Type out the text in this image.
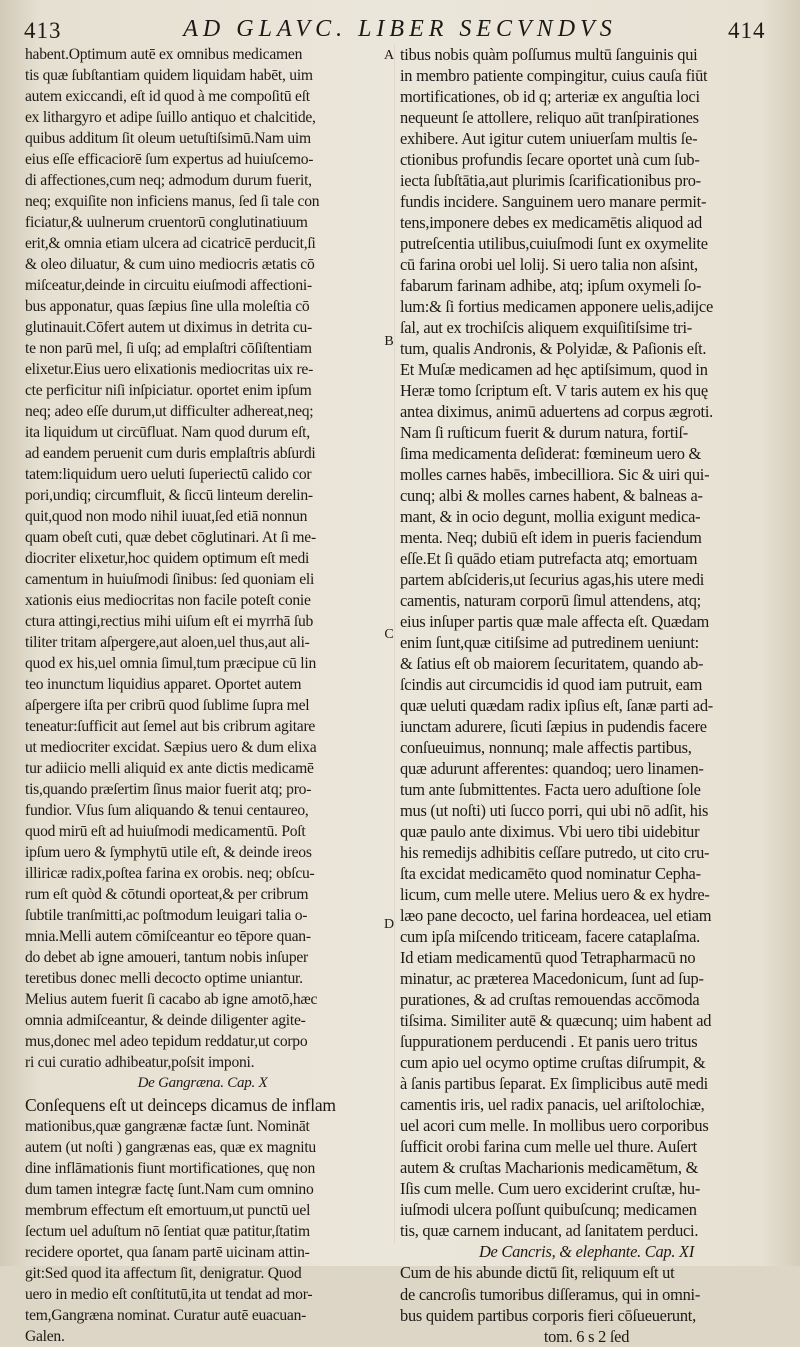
413	AD GLAVC. LIBER SECVNDVS	414
habent.Optimum autē ex omnibus medicamen
tis quæ ſubſtantiam quidem liquidam habēt, uim
autem exiccandi, eſt id quod à me compoſitū eſt
ex lithargyro et adipe ſuillo antiquo et chalcitide,
quibus additum ſit oleum uetuſtiſsimū.Nam uim
eius eſſe efficaciorē ſum expertus ad huiuſcemo-
di affectiones,cum neq; admodum durum fuerit,
neq; exquiſite non inficiens manus, ſed ſi tale con
ficiatur,& uulnerum cruentorū conglutinatiuum
erit,& omnia etiam ulcera ad cicatricē perducit,ſi
& oleo diluatur, & cum uino mediocris ætatis cō
miſceatur,deinde in circuitu eiuſmodi affectioni-
bus apponatur, quas ſæpius ſine ulla moleſtia cō
glutinauit.Cōfert autem ut diximus in detrita cu-
te non parū mel, ſi uſq; ad emplaſtri cōſiſtentiam
elixetur.Eius uero elixationis mediocritas uix re-
cte perficitur niſi inſpiciatur. oportet enim ipſum
neq; adeo eſſe durum,ut difficulter adhereat,neq;
ita liquidum ut circūfluat. Nam quod durum eſt,
ad eandem peruenit cum duris emplaſtris abſurdi
tatem:liquidum uero ueluti ſuperiectū calido cor
pori,undiq; circumfluit, & ſiccū linteum derelin-
quit,quod non modo nihil iuuat,ſed etiā nonnun
quam obeſt cuti, quæ debet cōglutinari. At ſi me-
diocriter elixetur,hoc quidem optimum eſt medi
camentum in huiuſmodi ſinibus: ſed quoniam eli
xationis eius mediocritas non facile poteſt conie
ctura attingi,rectius mihi uiſum eſt ei myrrhā ſub
tiliter tritam aſpergere,aut aloen,uel thus,aut ali-
quod ex his,uel omnia ſimul,tum præcipue cū lin
teo inunctum liquidius apparet. Oportet autem
aſpergere iſta per cribrū quod ſublime ſupra mel
teneatur:ſufficit aut ſemel aut bis cribrum agitare
ut mediocriter excidat. Sæpius uero & dum elixa
tur adiicio melli aliquid ex ante dictis medicamē
tis,quando præſertim ſinus maior fuerit atq; pro-
fundior. Vſus ſum aliquando & tenui centaureo,
quod mirū eſt ad huiuſmodi medicamentū. Poſt
ipſum uero & ſymphytū utile eſt, & deinde ireos
illiricæ radix,poſtea farina ex orobis. neq; obſcu-
rum eſt quòd & cōtundi oporteat,& per cribrum
ſubtile tranſmitti,ac poſtmodum leuigari talia o-
mnia.Melli autem cōmiſceantur eo tēpore quan-
do debet ab igne amoueri, tantum nobis inſuper
teretibus donec melli decocto optime uniantur.
Melius autem fuerit ſi cacabo ab igne amotō,hæc
omnia admiſceantur, & deinde diligenter agite-
mus,donec mel adeo tepidum reddatur,ut corpo
ri cui curatio adhibeatur,poſsit imponi.
De Gangræna. Cap. X
Conſequens eſt ut deinceps dicamus de inflam
mationibus,quæ gangrænæ factæ ſunt. Nomināt
autem (ut noſti ) gangrænas eas, quæ ex magnitu
dine inflāmationis fiunt mortificationes, quę non
dum tamen integræ factę ſunt.Nam cum omnino
membrum effectum eſt emortuum,ut punctū uel
ſectum uel aduſtum nō ſentiat quæ patitur,ſtatim
recidere oportet, qua ſanam partē uicinam attin-
git:Sed quod ita affectum ſit, denigratur. Quod
uero in medio eſt conſtitutū,ita ut tendat ad mor-
tem,Gangræna nominat. Curatur autē euacuan-
Galen.
tibus nobis quàm poſſumus multū ſanguinis qui
in membro patiente compingitur, cuius cauſa fiūt
mortificationes, ob id q; arteriæ ex anguſtia loci
nequeunt ſe attollere, reliquo aūt tranſpirationes
exhibere. Aut igitur cutem uniuerſam multis ſe-
ctionibus profundis ſecare oportet unà cum ſub-
iecta ſubſtātia,aut plurimis ſcarificationibus pro-
fundis incidere. Sanguinem uero manare permit-
tens,imponere debes ex medicamētis aliquod ad
putreſcentia utilibus,cuiuſmodi ſunt ex oxymelite
cū farina orobi uel lolij. Si uero talia non aſsint,
fabarum farinam adhibe, atq; ipſum oxymeli ſo-
lum:& ſi fortius medicamen apponere uelis,adijce
ſal, aut ex trochiſcis aliquem exquiſitiſsime tri-
tum, qualis Andronis, & Polyidæ, & Paſionis eſt.
Et Muſæ medicamen ad hęc aptiſsimum, quod in
Heræ tomo ſcriptum eſt. V taris autem ex his quę
antea diximus, animū aduertens ad corpus ægroti.
Nam ſi ruſticum fuerit & durum natura, fortiſ-
ſima medicamenta deſiderat: fœmineum uero &
molles carnes habēs, imbecilliora. Sic & uiri qui-
cunq; albi & molles carnes habent, & balneas a-
mant, & in ocio degunt, mollia exigunt medica-
menta. Neq; dubiū eſt idem in pueris faciendum
eſſe.Et ſi quādo etiam putrefacta atq; emortuam
partem abſcideris,ut ſecurius agas,his utere medi
camentis, naturam corporū ſimul attendens, atq;
eius inſuper partis quæ male affecta eſt. Quædam
enim ſunt,quæ citiſsime ad putredinem ueniunt:
& ſatius eſt ob maiorem ſecuritatem, quando ab-
ſcindis aut circumcidis id quod iam putruit, eam
quæ ueluti quædam radix ipſius eſt, ſanæ parti ad-
iunctam adurere, ſicuti ſæpius in pudendis facere
conſueuimus, nonnunq; male affectis partibus,
quæ adurunt afferentes: quandoq; uero linamen-
tum ante ſubmittentes. Facta uero aduſtione ſole
mus (ut noſti) uti ſucco porri, qui ubi nō adſit, his
quæ paulo ante diximus. Vbi uero tibi uidebitur
his remedijs adhibitis ceſſare putredo, ut cito cru-
ſta excidat medicamēto quod nominatur Cepha-
licum, cum melle utere. Melius uero & ex hydre-
læo pane decocto, uel farina hordeacea, uel etiam
cum ipſa miſcendo triticeam, facere cataplaſma.
Id etiam medicamentū quod Tetrapharmacū no
minatur, ac præterea Macedonicum, ſunt ad ſup-
purationes, & ad cruſtas remouendas accōmoda
tiſsima. Similiter autē & quæcunq; uim habent ad
ſuppurationem perducendi . Et panis uero tritus
cum apio uel ocymo optime cruſtas diſrumpit, &
à ſanis partibus ſeparat. Ex ſimplicibus autē medi
camentis iris, uel radix panacis, uel ariſtolochiæ,
uel acori cum melle. In mollibus uero corporibus
ſufficit orobi farina cum melle uel thure. Auſert
autem & cruſtas Macharionis medicamētum, &
Iſis cum melle. Cum uero exciderint cruſtæ, hu-
iuſmodi ulcera poſſunt quibuſcunq; medicamen
tis, quæ carnem inducant, ad ſanitatem perduci.
De Cancris, & elephante. Cap. XI
Cum de his abunde dictū ſit, reliquum eſt ut
de cancroſis tumoribus diſſeramus, qui in omni-
bus quidem partibus corporis fieri cōſueuerunt,
tom. 6 s 2 ſed
A
B
C
D
